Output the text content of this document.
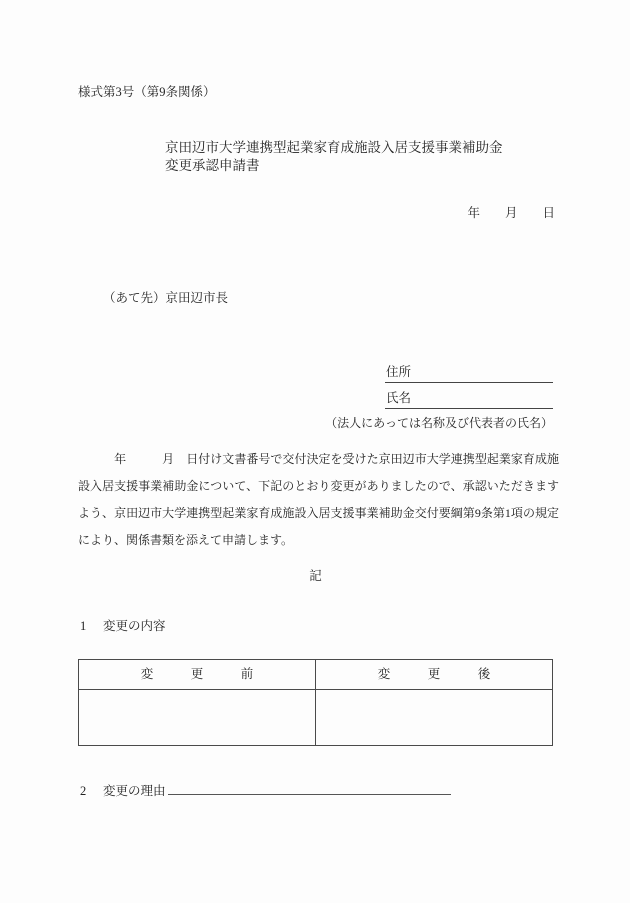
様式第3号（第9条関係）
京田辺市大学連携型起業家育成施設入居支援事業補助金
変更承認申請書
年　　月　　日
（あて先）京田辺市長
住所
氏名
（法人にあっては名称及び代表者の氏名）
　　　年　　　月　日付け文書番号で交付決定を受けた京田辺市大学連携型起業家育成施
設入居支援事業補助金について、下記のとおり変更がありましたので、承認いただきます
よう、京田辺市大学連携型起業家育成施設入居支援事業補助金交付要綱第9条第1項の規定
により、関係書類を添えて申請します。
記
1 変更の内容
変　　　更　　　前	変　　　更　　　後

2 変更の理由
